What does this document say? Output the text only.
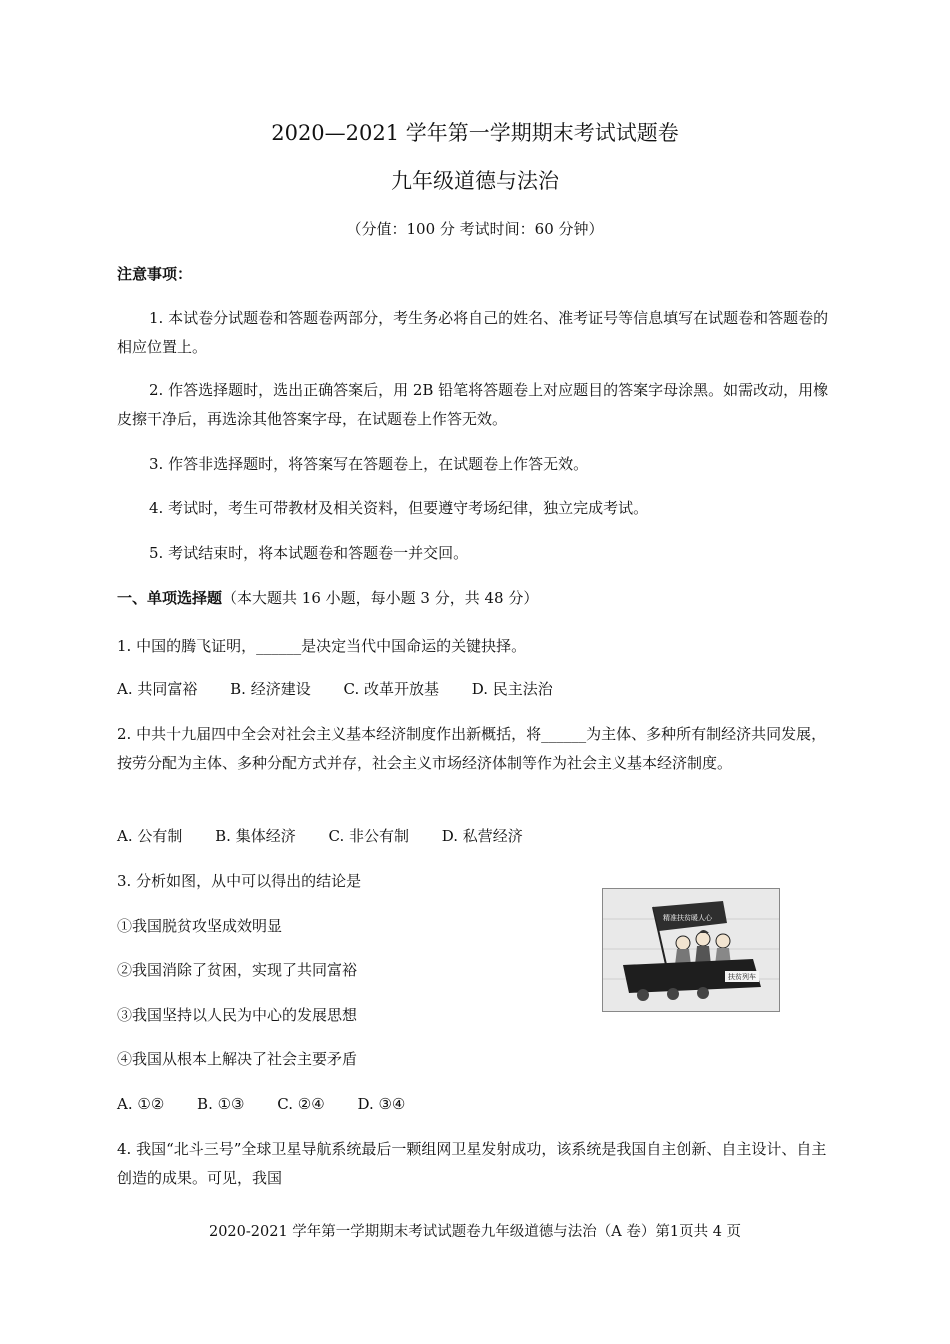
2020—2021 学年第一学期期末考试试题卷
九年级道德与法治
（分值：100 分 考试时间：60 分钟）
注意事项：
1. 本试卷分试题卷和答题卷两部分，考生务必将自己的姓名、准考证号等信息填写在试题卷和答题卷的相应位置上。
2. 作答选择题时，选出正确答案后，用 2B 铅笔将答题卷上对应题目的答案字母涂黑。如需改动，用橡皮擦干净后，再选涂其他答案字母，在试题卷上作答无效。
3. 作答非选择题时，将答案写在答题卷上，在试题卷上作答无效。
4. 考试时，考生可带教材及相关资料，但要遵守考场纪律，独立完成考试。
5. 考试结束时，将本试题卷和答题卷一并交回。
一、单项选择题（本大题共 16 小题，每小题 3 分，共 48 分）
1. 中国的腾飞证明，______是决定当代中国命运的关键抉择。
A. 共同富裕 B. 经济建设 C. 改革开放基 D. 民主法治
2. 中共十九届四中全会对社会主义基本经济制度作出新概括，将______为主体、多种所有制经济共同发展，按劳分配为主体、多种分配方式并存，社会主义市场经济体制等作为社会主义基本经济制度。
A. 公有制 B. 集体经济 C. 非公有制 D. 私营经济
3. 分析如图，从中可以得出的结论是
①我国脱贫攻坚成效明显
②我国消除了贫困，实现了共同富裕
③我国坚持以人民为中心的发展思想
④我国从根本上解决了社会主要矛盾
A. ①② B. ①③ C. ②④ D. ③④
精准扶贫暖人心
扶贫列车
4. 我国“北斗三号”全球卫星导航系统最后一颗组网卫星发射成功，该系统是我国自主创新、自主设计、自主创造的成果。可见，我国
2020-2021 学年第一学期期末考试试题卷九年级道德与法治（A 卷）第1页共 4 页
